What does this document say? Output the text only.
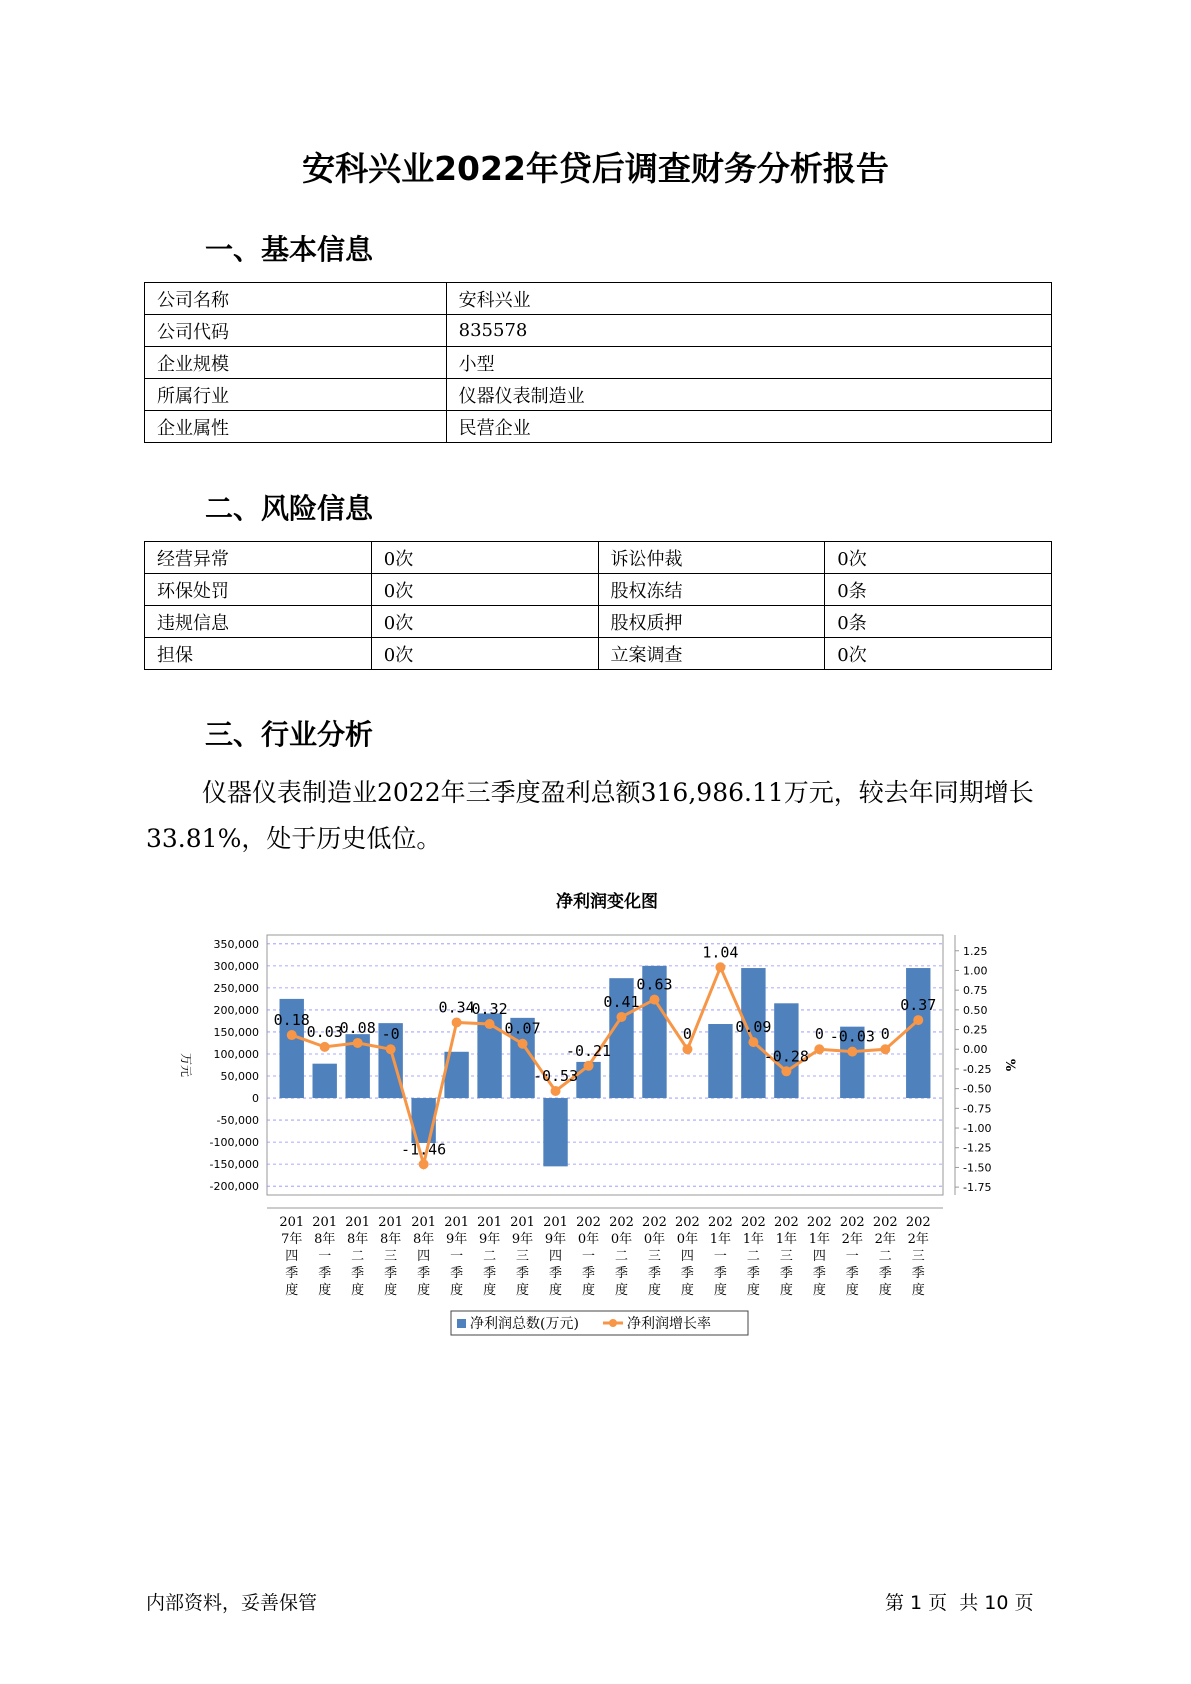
安科兴业2022年贷后调查财务分析报告
一、基本信息
公司名称	安科兴业
公司代码	835578
企业规模	小型
所属行业	仪器仪表制造业
企业属性	民营企业
二、风险信息
经营异常	0次	诉讼仲裁	0次
环保处罚	0次	股权冻结	0条
违规信息	0次	股权质押	0条
担保	0次	立案调查	0次
三、行业分析
仪器仪表制造业2022年三季度盈利总额316,986.11万元，较去年同期增长33.81%，处于历史低位。
净利润变化图
350,000
300,000
250,000
200,000
150,000
100,000
50,000
0
-50,000
-100,000
-150,000
-200,000
1.25
1.00
0.75
0.50
0.25
0.00
-0.25
-0.50
-0.75
-1.00
-1.25
-1.50
-1.75
万元	%
0.18
0.03
0.08 -0
-1.46
0.34
0.32
0.07
-0.53
-0.21
0.41
0.63
0
1.04
0.09
-0.28
0 -0.03 0
0.37
201
7年
四
季
度
201
8年
一
季
度
201
8年
二
季
度
201
8年
三
季
度
201
8年
四
季
度
201
9年
一
季
度
201
9年
二
季
度
201
9年
三
季
度
201
9年
四
季
度
202
0年
一
季
度
202
0年
二
季
度
202
0年
三
季
度
202
0年
四
季
度
202
1年
一
季
度
202
1年
二
季
度
202
1年
三
季
度
202
1年
四
季
度
202
2年
一
季
度
202
2年
二
季
度
202
2年
三
季
度
净利润总数(万元)	净利润增长率
内部资料，妥善保管	第 1 页  共 10 页
